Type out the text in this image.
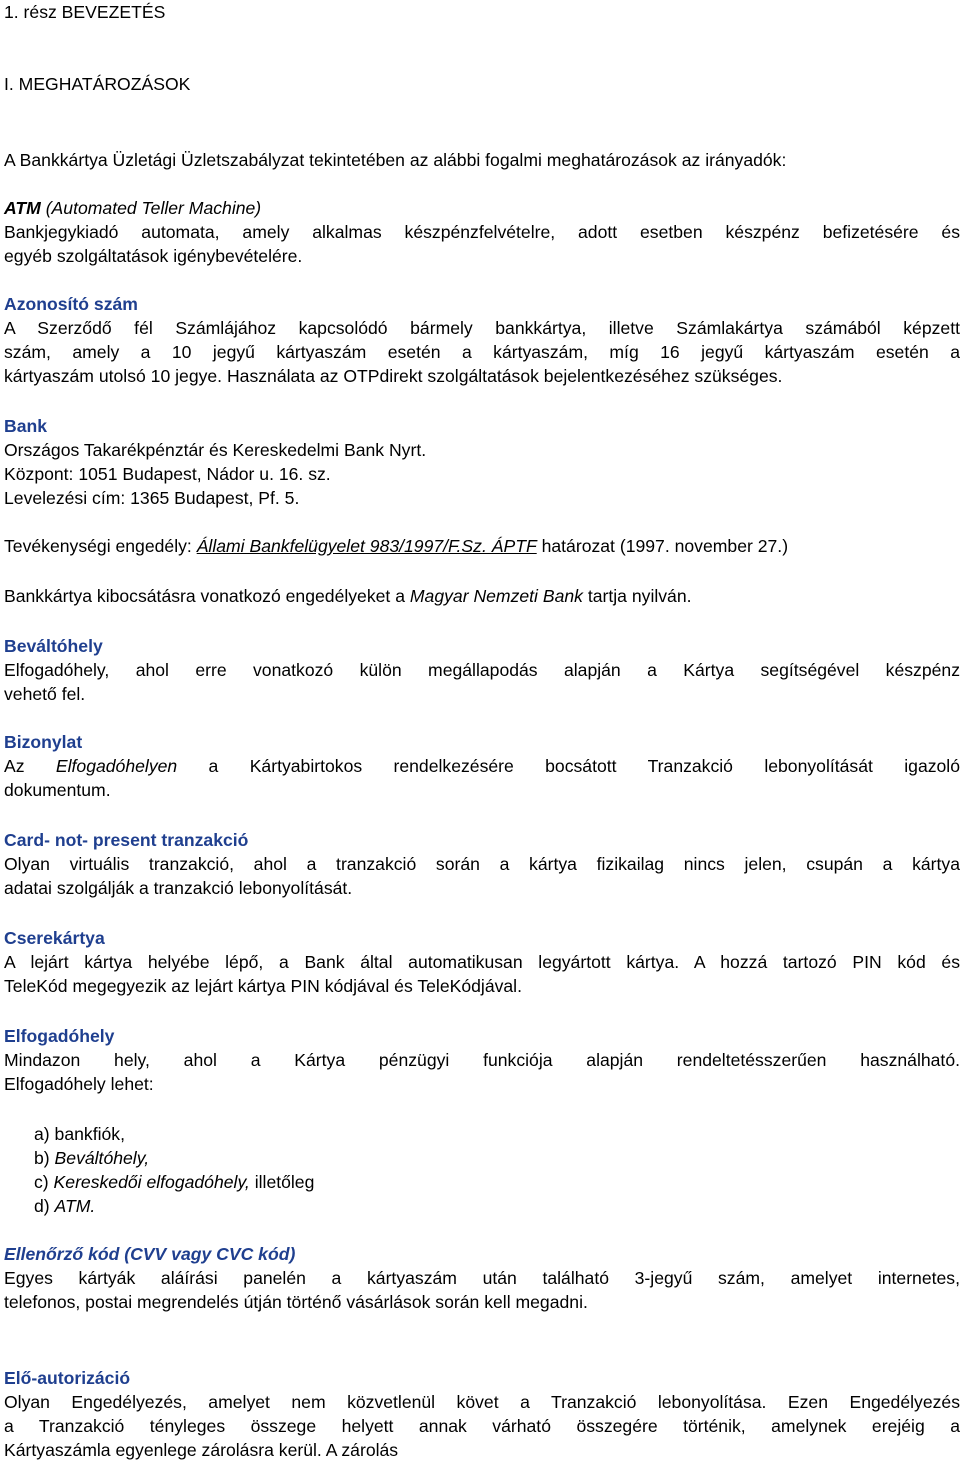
1. rész BEVEZETÉS
I. MEGHATÁROZÁSOK
A Bankkártya Üzletági Üzletszabályzat tekintetében az alábbi fogalmi meghatározások az irányadók:
ATM (Automated Teller Machine)
Bankjegykiadó automata, amely alkalmas készpénzfelvételre, adott esetben készpénz befizetésére és
egyéb szolgáltatások igénybevételére.
Azonosító szám
A Szerződő fél Számlájához kapcsolódó bármely bankkártya, illetve Számlakártya számából képzett
szám, amely a 10 jegyű kártyaszám esetén a kártyaszám, míg 16 jegyű kártyaszám esetén a
kártyaszám utolsó 10 jegye. Használata az OTPdirekt szolgáltatások bejelentkezéséhez szükséges.
Bank
Országos Takarékpénztár és Kereskedelmi Bank Nyrt.
Központ: 1051 Budapest, Nádor u. 16. sz.
Levelezési cím: 1365 Budapest, Pf. 5.
Tevékenységi engedély: Állami Bankfelügyelet 983/1997/F.Sz. ÁPTF határozat (1997. november 27.)
Bankkártya kibocsátásra vonatkozó engedélyeket a Magyar Nemzeti Bank tartja nyilván.
Beváltóhely
Elfogadóhely, ahol erre vonatkozó külön megállapodás alapján a Kártya segítségével készpénz
vehető fel.
Bizonylat
Az Elfogadóhelyen a Kártyabirtokos rendelkezésére bocsátott Tranzakció lebonyolítását igazoló
dokumentum.
Card- not- present tranzakció
Olyan virtuális tranzakció, ahol a tranzakció során a kártya fizikailag nincs jelen, csupán a kártya
adatai szolgálják a tranzakció lebonyolítását.
Cserekártya
A lejárt kártya helyébe lépő, a Bank által automatikusan legyártott kártya. A hozzá tartozó PIN kód és
TeleKód megegyezik az lejárt kártya PIN kódjával és TeleKódjával.
Elfogadóhely
Mindazon hely, ahol a Kártya pénzügyi funkciója alapján rendeltetésszerűen használható.
Elfogadóhely lehet:
a) bankfiók,
b) Beváltóhely,
c) Kereskedői elfogadóhely, illetőleg
d) ATM.
Ellenőrző kód (CVV vagy CVC kód)
Egyes kártyák aláírási panelén a kártyaszám után található 3-jegyű szám, amelyet internetes,
telefonos, postai megrendelés útján történő vásárlások során kell megadni.
Elő-autorizáció
Olyan Engedélyezés, amelyet nem közvetlenül követ a Tranzakció lebonyolítása. Ezen Engedélyezés
a Tranzakció tényleges összege helyett annak várható összegére történik, amelynek erejéig a
Kártyaszámla egyenlege zárolásra kerül. A zárolás
